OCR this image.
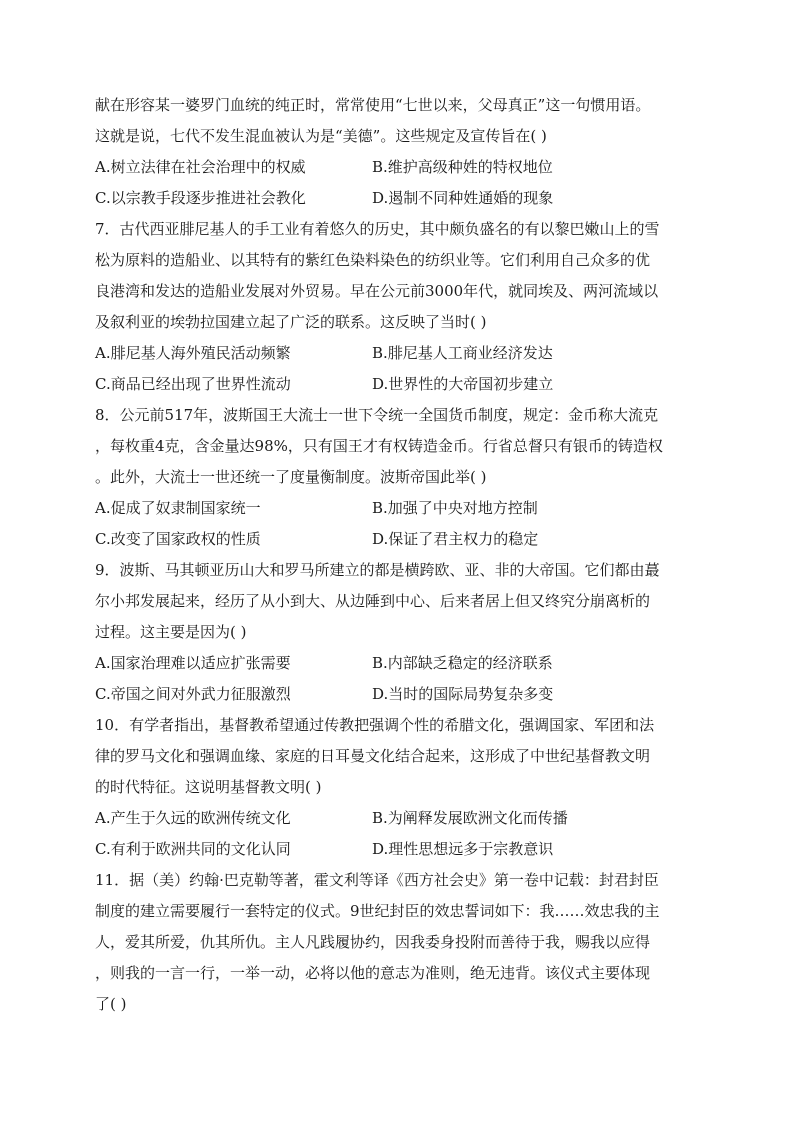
献在形容某一婆罗门血统的纯正时，常常使用“七世以来，父母真正”这一句惯用语。
这就是说，七代不发生混血被认为是“美德”。这些规定及宣传旨在( )
A.树立法律在社会治理中的权威	B.维护高级种姓的特权地位
C.以宗教手段逐步推进社会教化	D.遏制不同种姓通婚的现象
7．古代西亚腓尼基人的手工业有着悠久的历史，其中颇负盛名的有以黎巴嫩山上的雪
松为原料的造船业、以其特有的紫红色染料染色的纺织业等。它们利用自己众多的优
良港湾和发达的造船业发展对外贸易。早在公元前3000年代，就同埃及、两河流域以
及叙利亚的埃勃拉国建立起了广泛的联系。这反映了当时( )
A.腓尼基人海外殖民活动频繁	B.腓尼基人工商业经济发达
C.商品已经出现了世界性流动	D.世界性的大帝国初步建立
8．公元前517年，波斯国王大流士一世下令统一全国货币制度，规定：金币称大流克
，每枚重4克，含金量达98%，只有国王才有权铸造金币。行省总督只有银币的铸造权
。此外，大流士一世还统一了度量衡制度。波斯帝国此举( )
A.促成了奴隶制国家统一	B.加强了中央对地方控制
C.改变了国家政权的性质	D.保证了君主权力的稳定
9．波斯、马其顿亚历山大和罗马所建立的都是横跨欧、亚、非的大帝国。它们都由蕞
尔小邦发展起来，经历了从小到大、从边陲到中心、后来者居上但又终究分崩离析的
过程。这主要是因为( )
A.国家治理难以适应扩张需要	B.内部缺乏稳定的经济联系
C.帝国之间对外武力征服激烈	D.当时的国际局势复杂多变
10．有学者指出，基督教希望通过传教把强调个性的希腊文化，强调国家、军团和法
律的罗马文化和强调血缘、家庭的日耳曼文化结合起来，这形成了中世纪基督教文明
的时代特征。这说明基督教文明( )
A.产生于久远的欧洲传统文化	B.为阐释发展欧洲文化而传播
C.有利于欧洲共同的文化认同	D.理性思想远多于宗教意识
11．据（美）约翰·巴克勒等著，霍文利等译《西方社会史》第一卷中记载：封君封臣
制度的建立需要履行一套特定的仪式。9世纪封臣的效忠誓词如下：我……效忠我的主
人，爱其所爱，仇其所仇。主人凡践履协约，因我委身投附而善待于我，赐我以应得
，则我的一言一行，一举一动，必将以他的意志为准则，绝无违背。该仪式主要体现
了( )
